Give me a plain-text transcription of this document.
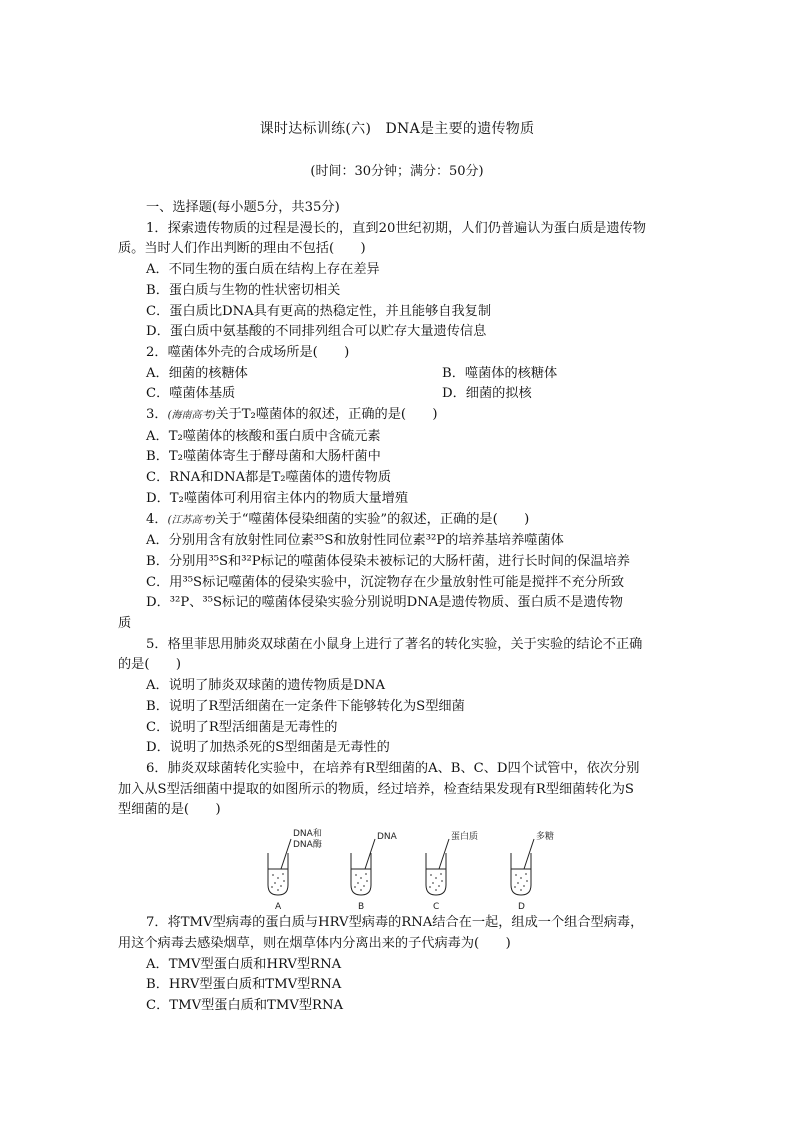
课时达标训练(六)　DNA是主要的遗传物质
(时间：30分钟；满分：50分)
一、选择题(每小题5分，共35分)
1．探索遗传物质的过程是漫长的，直到20世纪初期，人们仍普遍认为蛋白质是遗传物
质。当时人们作出判断的理由不包括(　　)
A．不同生物的蛋白质在结构上存在差异
B．蛋白质与生物的性状密切相关
C．蛋白质比DNA具有更高的热稳定性，并且能够自我复制
D．蛋白质中氨基酸的不同排列组合可以贮存大量遗传信息
2．噬菌体外壳的合成场所是(　　)
A．细菌的核糖体	B．噬菌体的核糖体
C．噬菌体基质	D．细菌的拟核
3．(海南高考)关于T₂噬菌体的叙述，正确的是(　　)
A．T₂噬菌体的核酸和蛋白质中含硫元素
B．T₂噬菌体寄生于酵母菌和大肠杆菌中
C．RNA和DNA都是T₂噬菌体的遗传物质
D．T₂噬菌体可利用宿主体内的物质大量增殖
4．(江苏高考)关于“噬菌体侵染细菌的实验”的叙述，正确的是(　　)
A．分别用含有放射性同位素³⁵S和放射性同位素³²P的培养基培养噬菌体
B．分别用³⁵S和³²P标记的噬菌体侵染未被标记的大肠杆菌，进行长时间的保温培养
C．用³⁵S标记噬菌体的侵染实验中，沉淀物存在少量放射性可能是搅拌不充分所致
D．³²P、³⁵S标记的噬菌体侵染实验分别说明DNA是遗传物质、蛋白质不是遗传物
质
5．格里菲思用肺炎双球菌在小鼠身上进行了著名的转化实验，关于实验的结论不正确
的是(　　)
A．说明了肺炎双球菌的遗传物质是DNA
B．说明了R型活细菌在一定条件下能够转化为S型细菌
C．说明了R型活细菌是无毒性的
D．说明了加热杀死的S型细菌是无毒性的
6．肺炎双球菌转化实验中，在培养有R型细菌的A、B、C、D四个试管中，依次分别
加入从S型活细菌中提取的如图所示的物质，经过培养，检查结果发现有R型细菌转化为S
型细菌的是(　　)
DNA和
DNA酶
DNA	蛋白质	多糖
A	B	C	D
7．将TMV型病毒的蛋白质与HRV型病毒的RNA结合在一起，组成一个组合型病毒，
用这个病毒去感染烟草，则在烟草体内分离出来的子代病毒为(　　)
A．TMV型蛋白质和HRV型RNA
B．HRV型蛋白质和TMV型RNA
C．TMV型蛋白质和TMV型RNA
